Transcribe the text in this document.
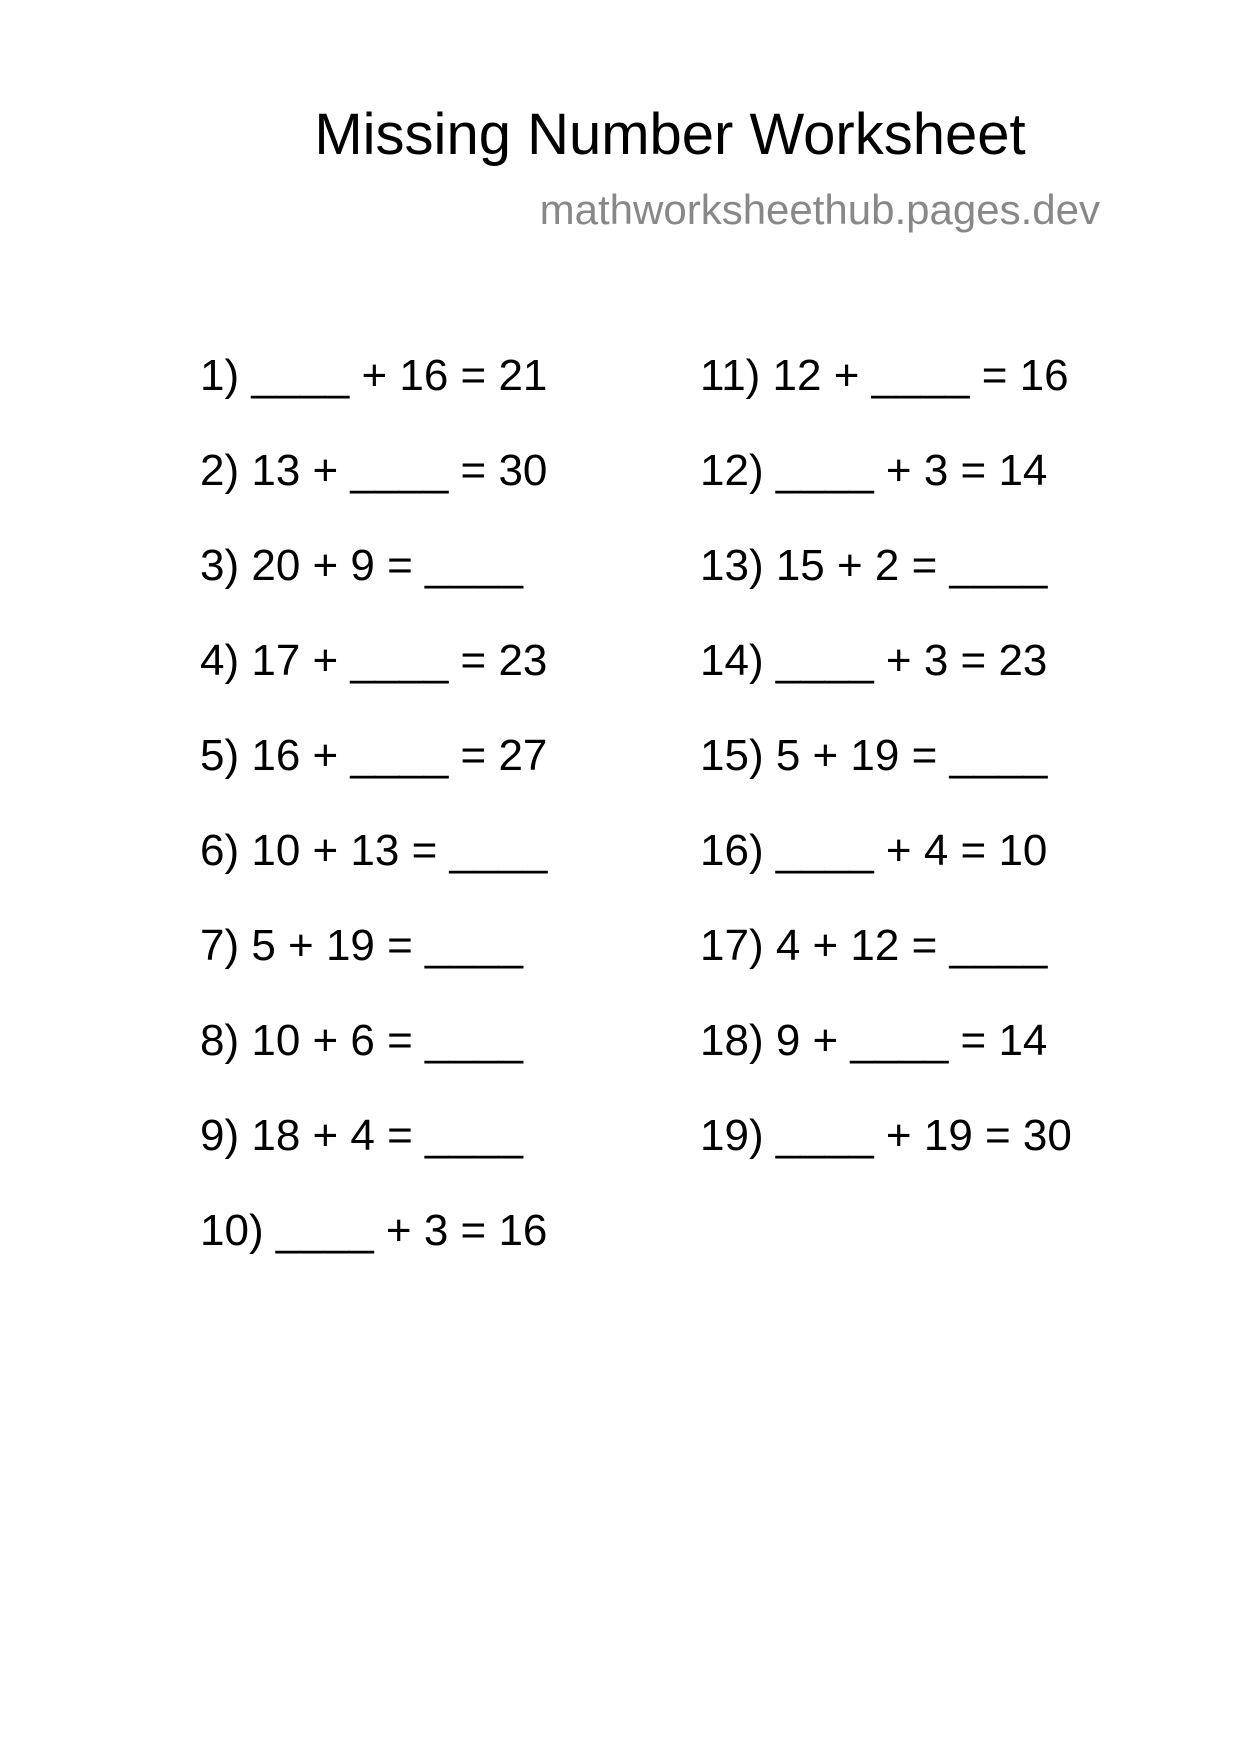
Missing Number Worksheet
mathworksheethub.pages.dev
1) ____ + 16 = 21
2) 13 + ____ = 30
3) 20 + 9 = ____
4) 17 + ____ = 23
5) 16 + ____ = 27
6) 10 + 13 = ____
7) 5 + 19 = ____
8) 10 + 6 = ____
9) 18 + 4 = ____
10) ____ + 3 = 16
11) 12 + ____ = 16
12) ____ + 3 = 14
13) 15 + 2 = ____
14) ____ + 3 = 23
15) 5 + 19 = ____
16) ____ + 4 = 10
17) 4 + 12 = ____
18) 9 + ____ = 14
19) ____ + 19 = 30
